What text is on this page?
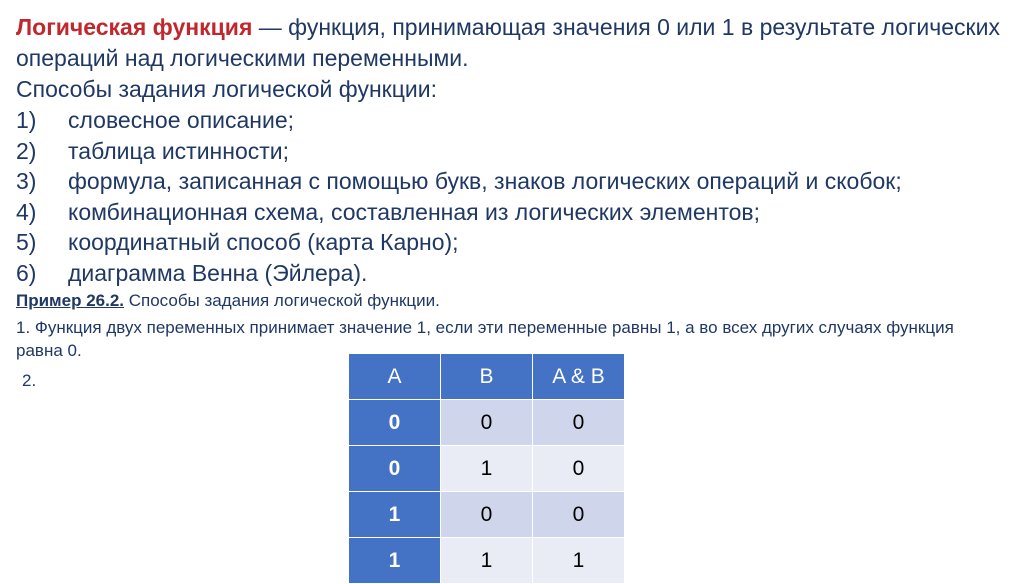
Логическая функция — функция, принимающая значения 0 или 1 в результате логических операций над логическими переменными.
Способы задания логической функции:
1) словесное описание;
2) таблица истинности;
3) формула, записанная с помощью букв, знаков логических операций и скобок;
4) комбинационная схема, составленная из логических элементов;
5) координатный способ (карта Карно);
6) диаграмма Венна (Эйлера).
Пример 26.2. Способы задания логической функции.
1. Функция двух переменных принимает значение 1, если эти переменные равны 1, а во всех других случаях функция равна 0.
2.	A	B	A & B
0	0	0
0	1	0
1	0	0
1	1	1
